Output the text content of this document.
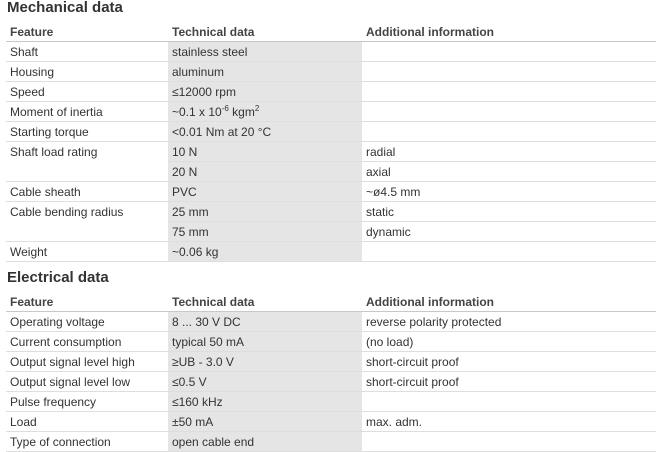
Mechanical data
Feature	Technical data	Additional information
Shaft	stainless steel	
Housing	aluminum	
Speed	≤12000 rpm	
Moment of inertia	~0.1 x $10^{-6}$ kgm$^2$	
Starting torque	<0.01 Nm at 20 °C	
Shaft load rating	10 N	radial
	20 N	axial
Cable sheath	PVC	~ø4.5 mm
Cable bending radius	25 mm	static
	75 mm	dynamic
Weight	~0.06 kg	
Electrical data
Feature	Technical data	Additional information
Operating voltage	8 ... 30 V DC	reverse polarity protected
Current consumption	typical 50 mA	(no load)
Output signal level high	≥UB - 3.0 V	short-circuit proof
Output signal level low	≤0.5 V	short-circuit proof
Pulse frequency	≤160 kHz	
Load	±50 mA	max. adm.
Type of connection	open cable end	
